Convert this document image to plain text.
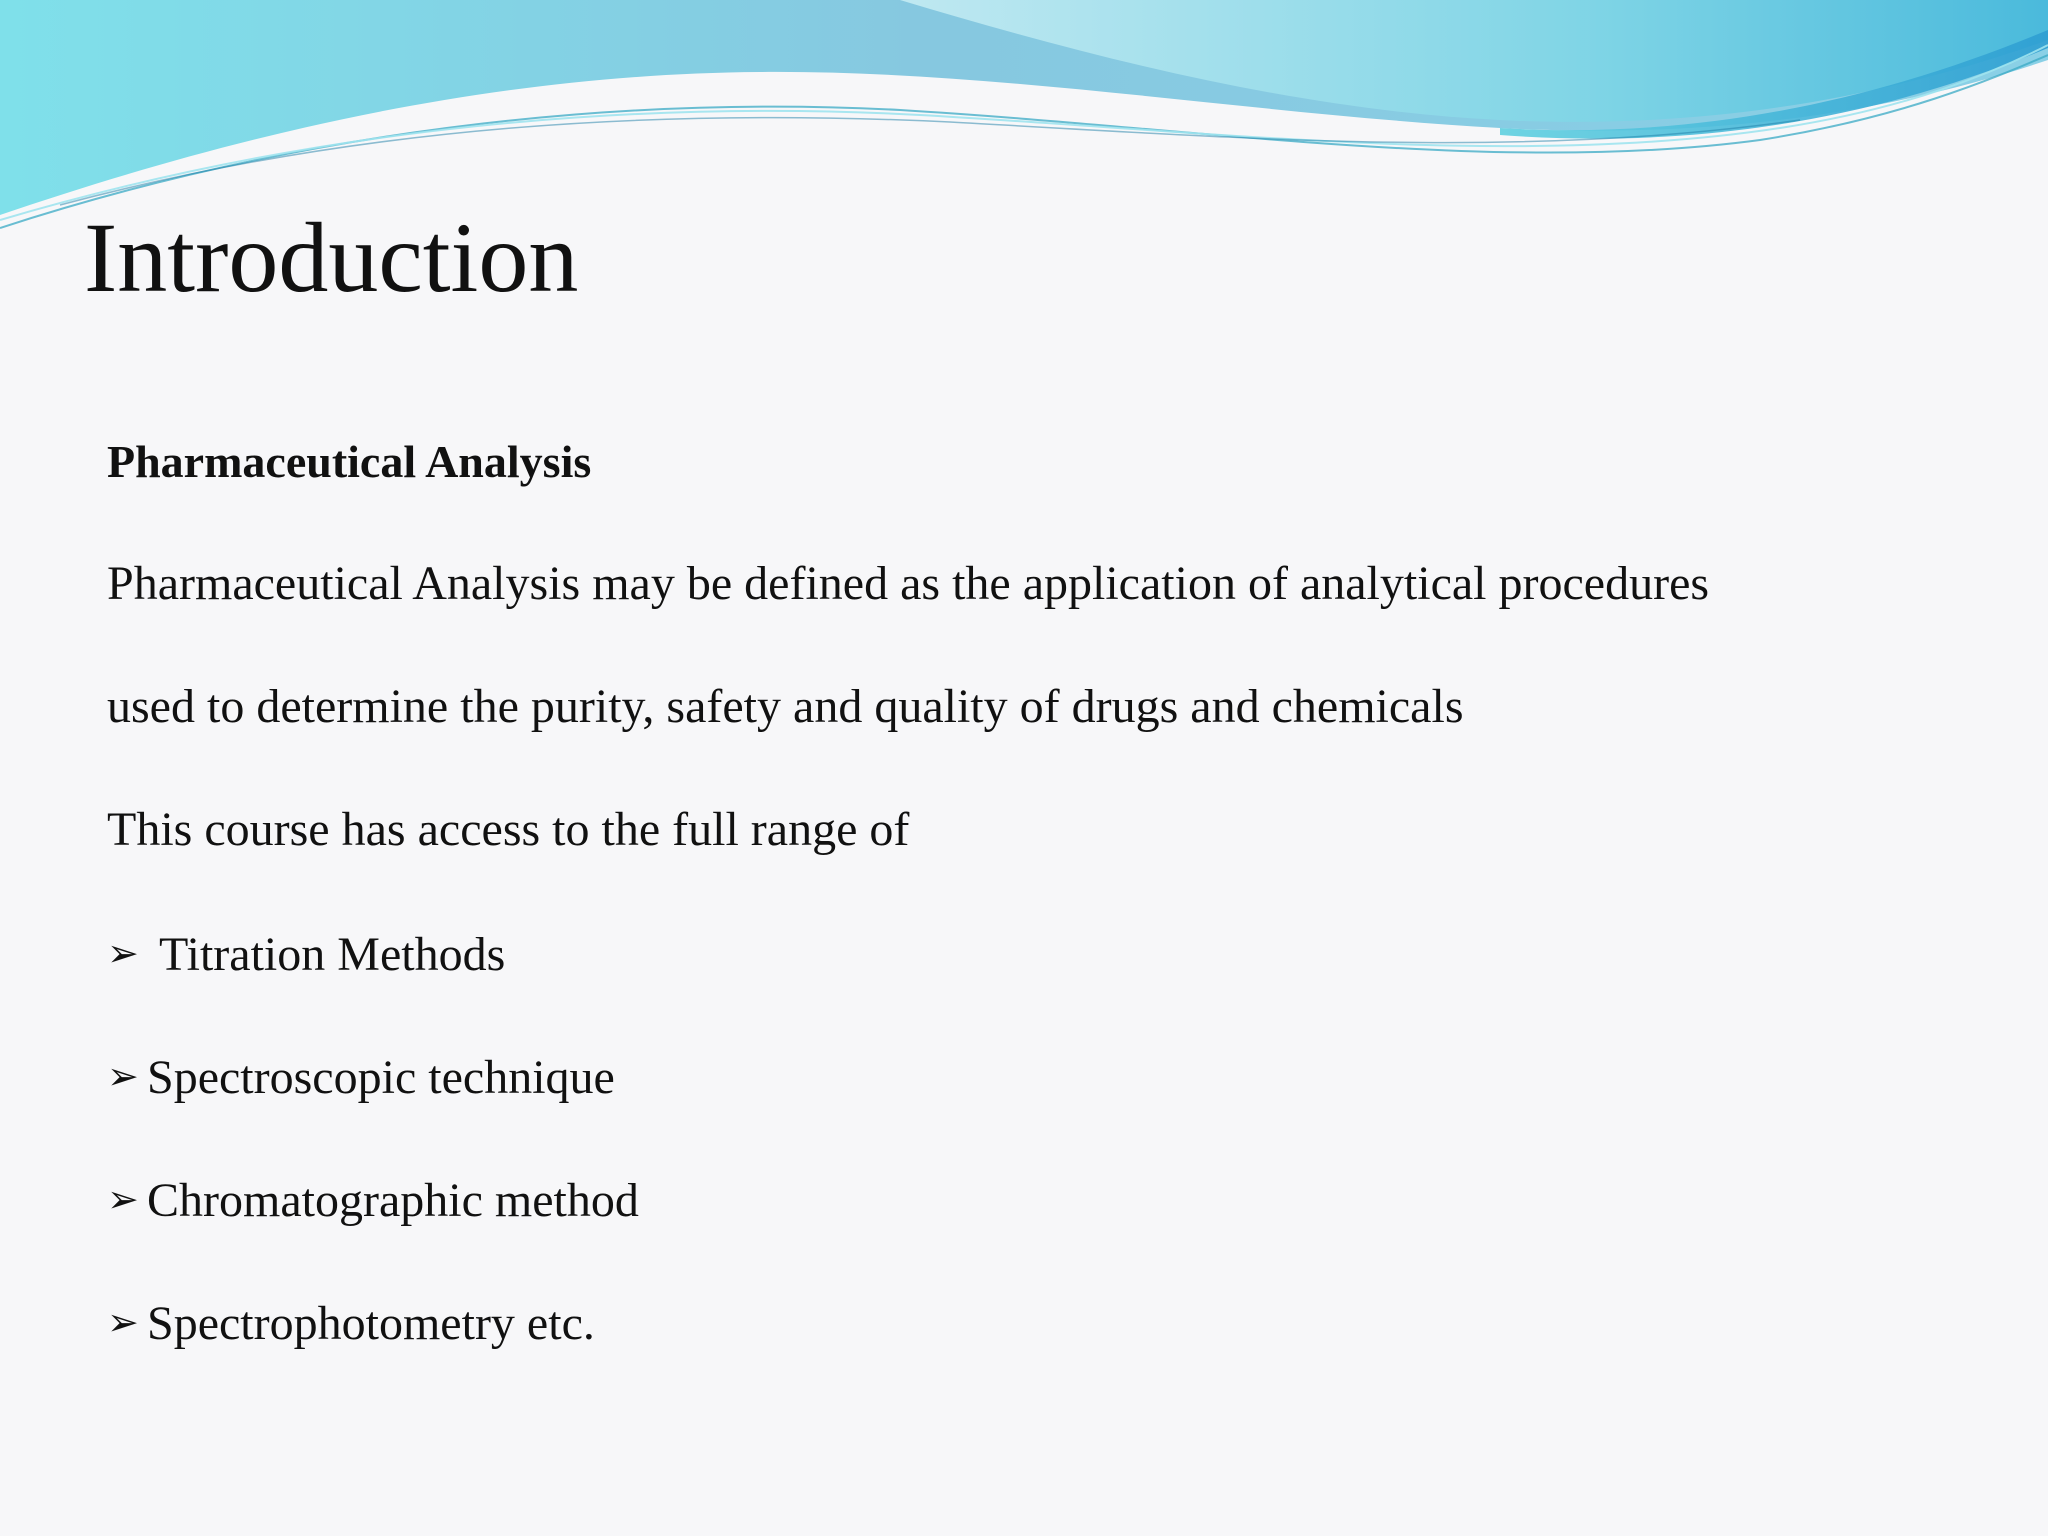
Introduction

Pharmaceutical Analysis

Pharmaceutical Analysis may be defined as the application of analytical procedures

used to determine the purity, safety and quality of drugs and chemicals

This course has access to the full range of

➢ Titration Methods

➢ Spectroscopic technique

➢ Chromatographic method

➢ Spectrophotometry etc.
